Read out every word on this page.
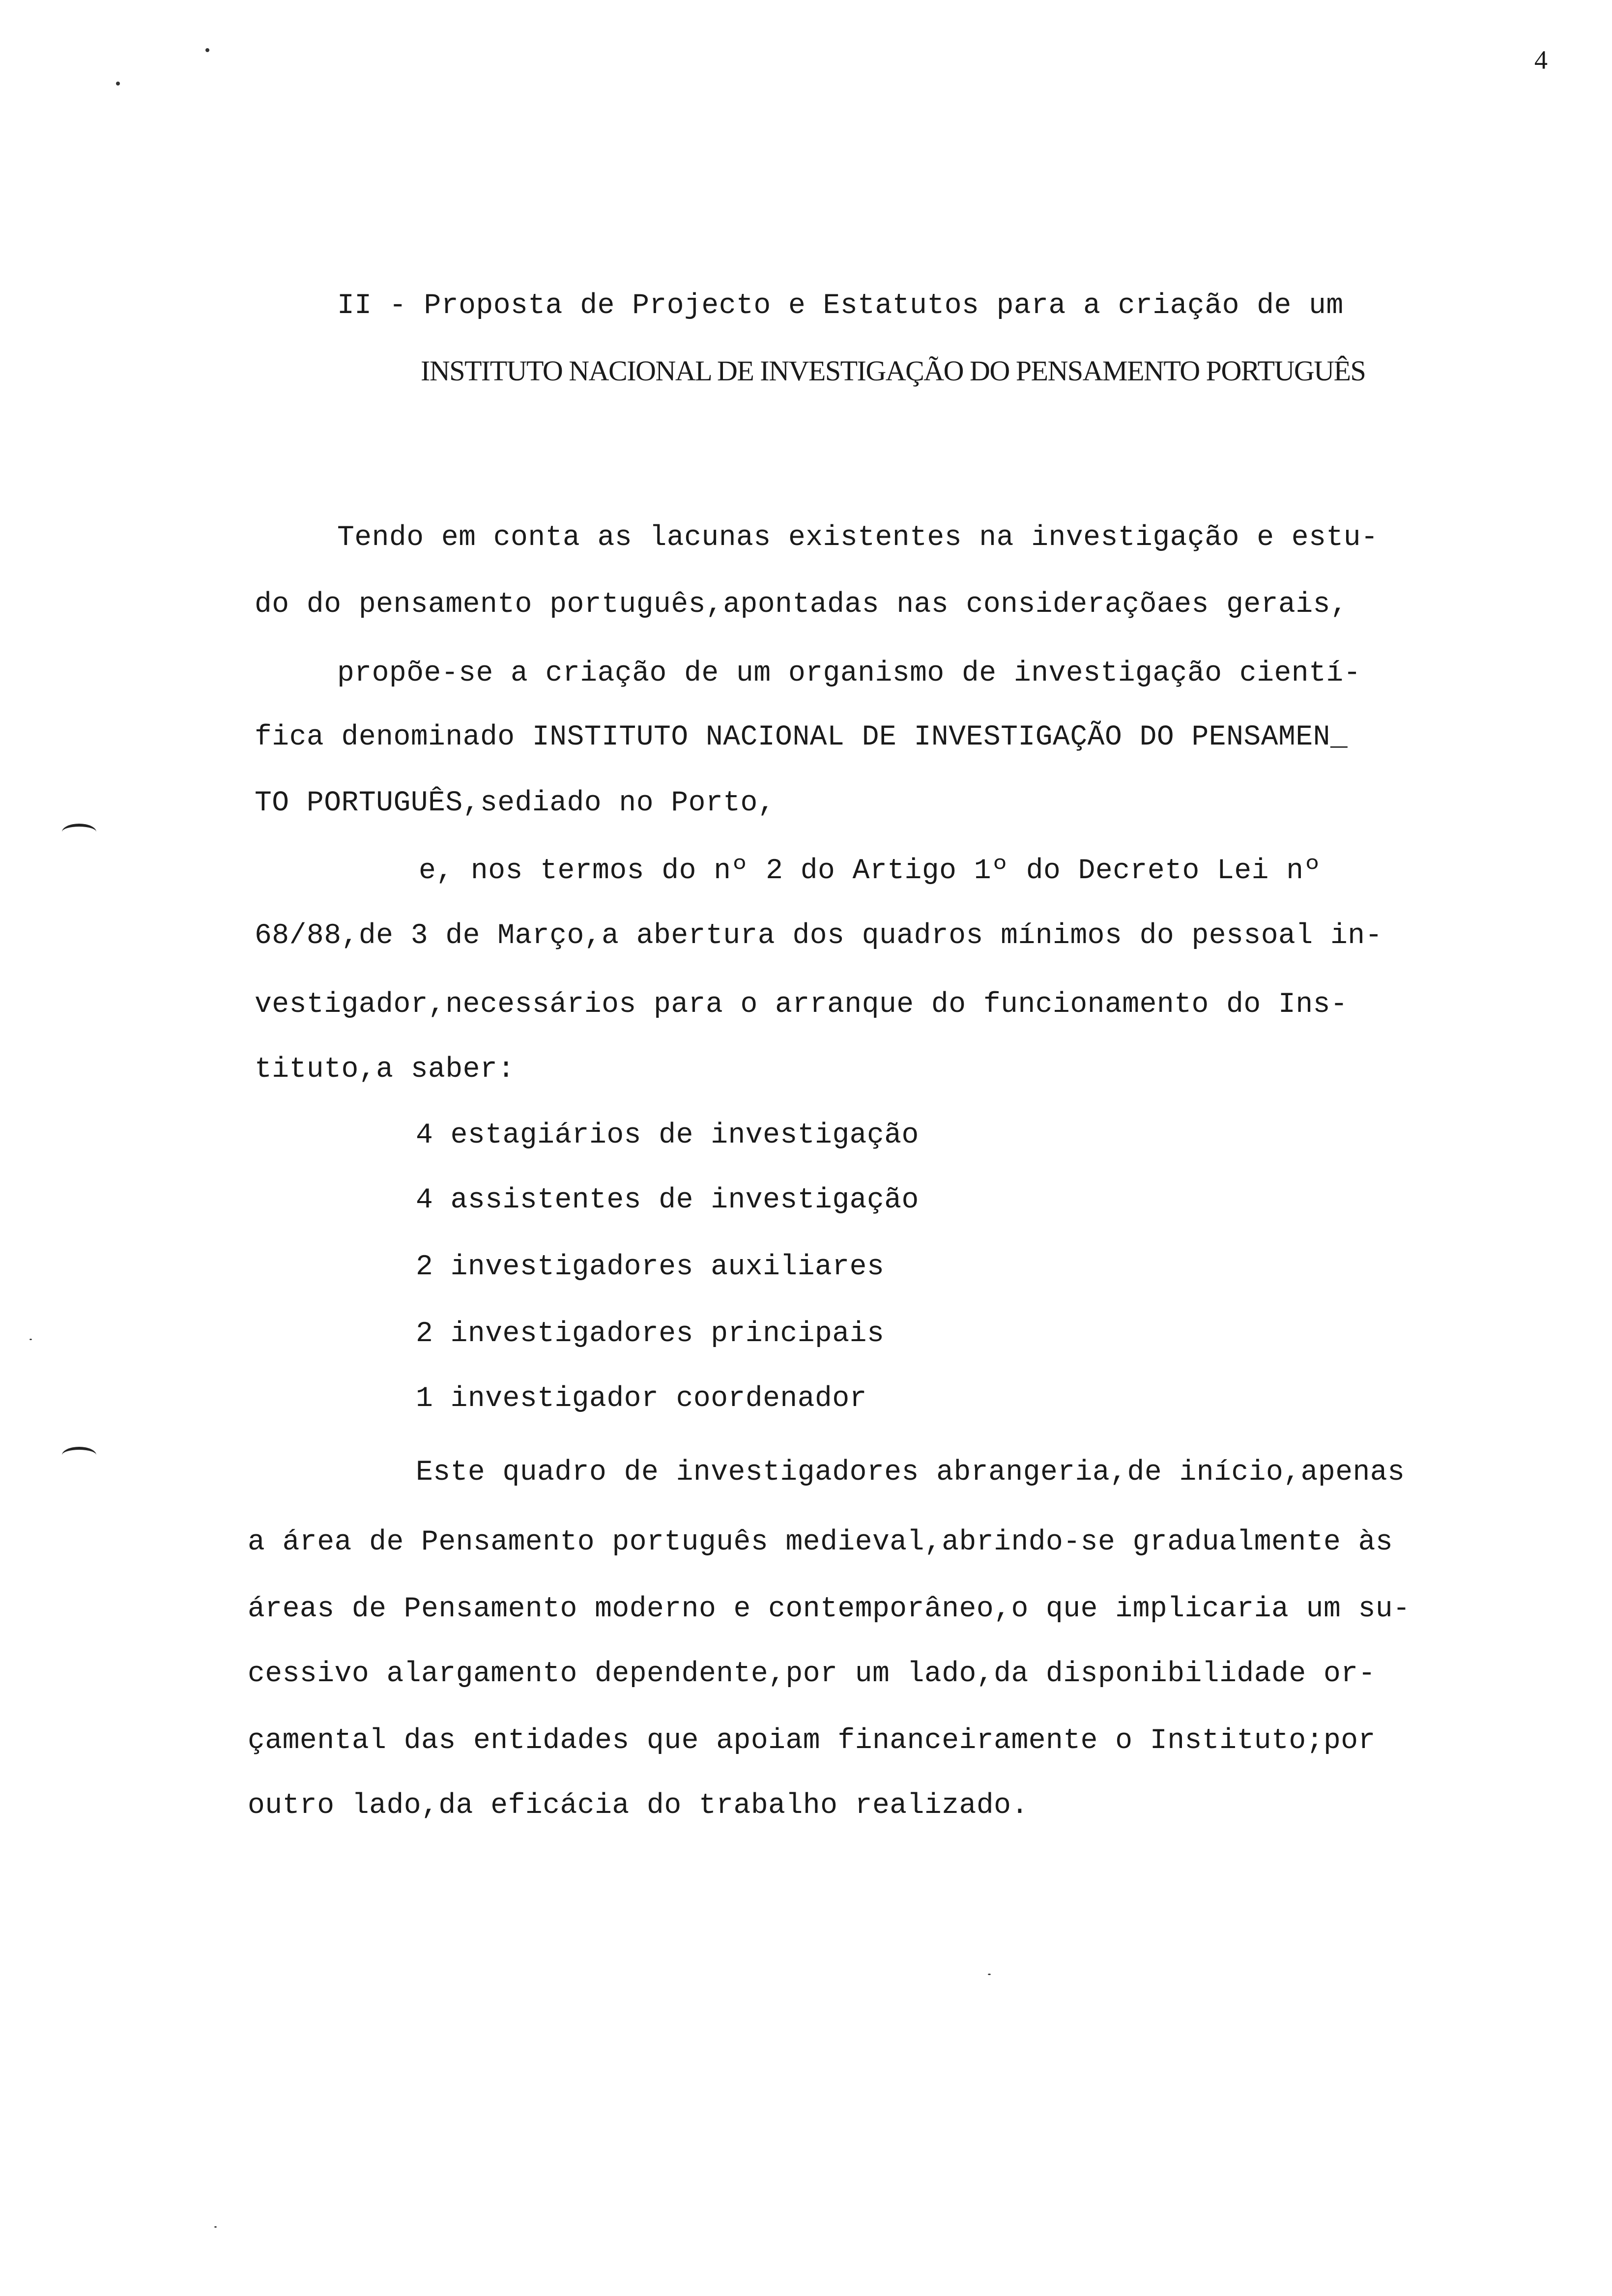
4
II - Proposta de Projecto e Estatutos para a criação de um
INSTITUTO NACIONAL DE INVESTIGAÇÃO DO PENSAMENTO PORTUGUÊS
Tendo em conta as lacunas existentes na investigação e estu-
do do pensamento português,apontadas nas consideraçõaes gerais,
propõe-se a criação de um organismo de investigação cientí-
fica denominado INSTITUTO NACIONAL DE INVESTIGAÇÃO DO PENSAMEN_
TO PORTUGUÊS,sediado no Porto,
e, nos termos do nº 2 do Artigo 1º do Decreto Lei nº
68/88,de 3 de Março,a abertura dos quadros mínimos do pessoal in-
vestigador,necessários para o arranque do funcionamento do Ins-
tituto,a saber:
4 estagiários de investigação
4 assistentes de investigação
2 investigadores auxiliares
2 investigadores principais
1 investigador coordenador
Este quadro de investigadores abrangeria,de início,apenas
a área de Pensamento português medieval,abrindo-se gradualmente às
áreas de Pensamento moderno e contemporâneo,o que implicaria um su-
cessivo alargamento dependente,por um lado,da disponibilidade or-
çamental das entidades que apoiam financeiramente o Instituto;por
outro lado,da eficácia do trabalho realizado.
